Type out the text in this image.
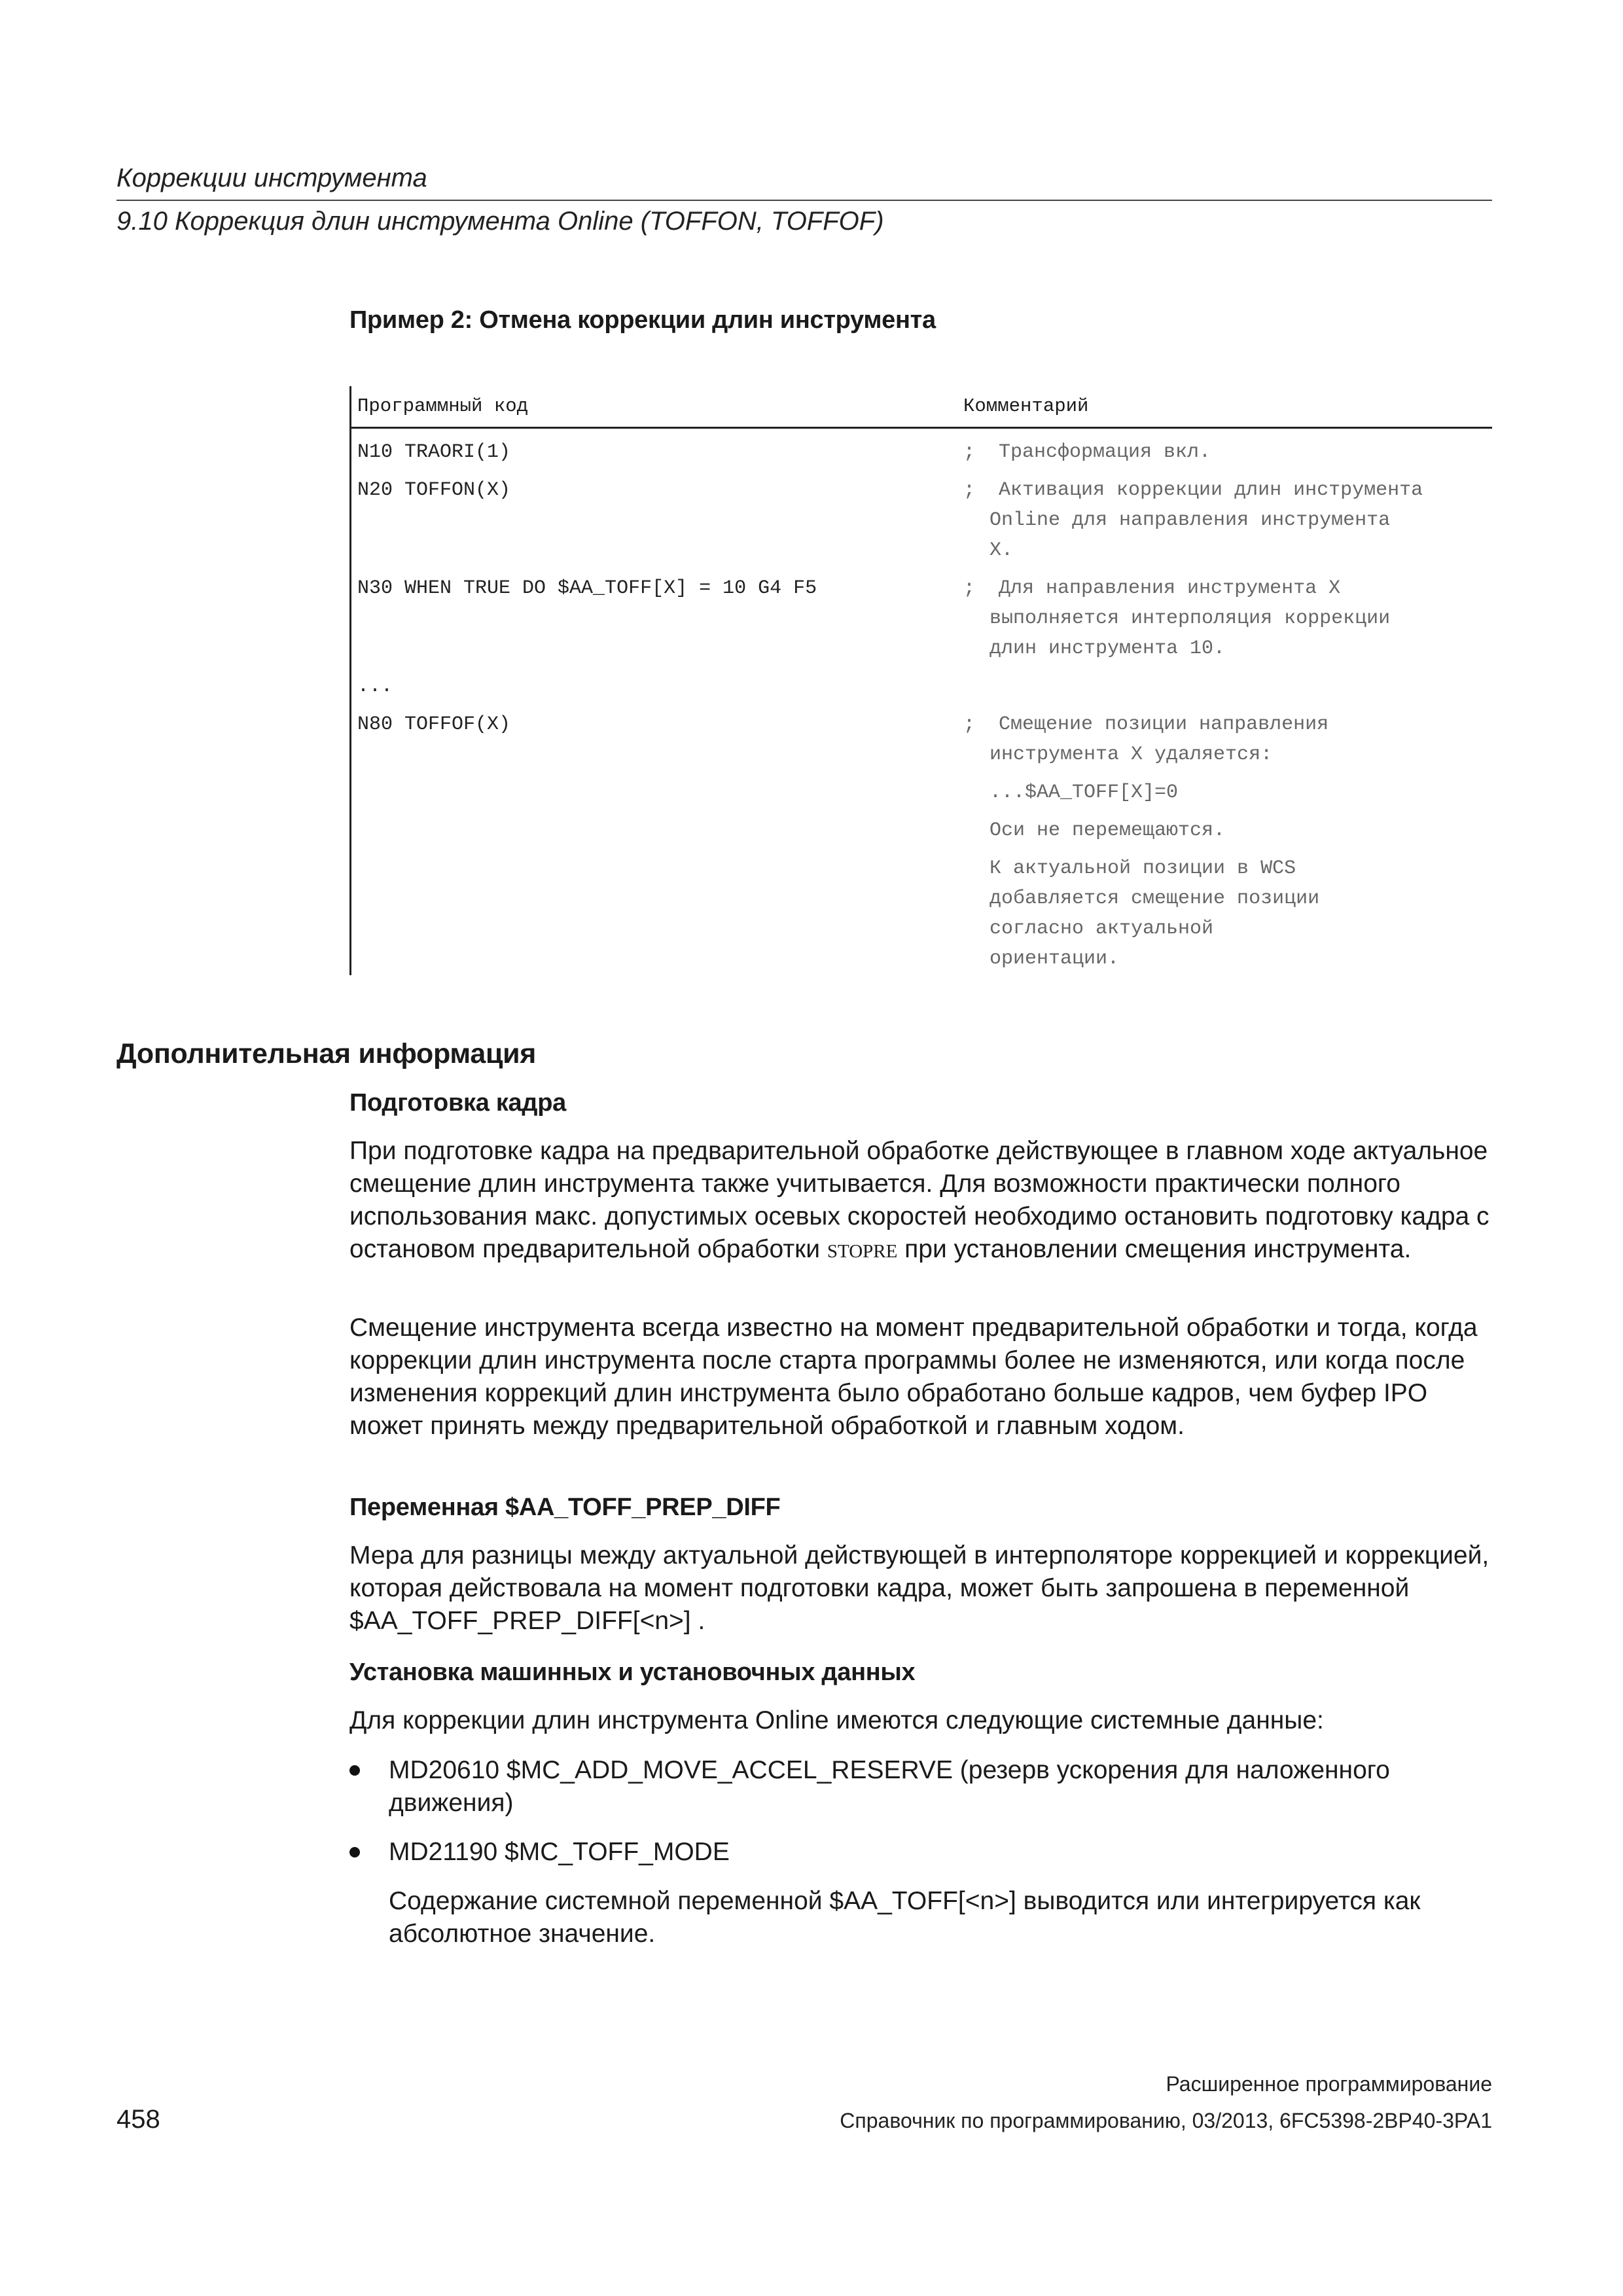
Коррекции инструмента
9.10 Коррекция длин инструмента Online (TOFFON, TOFFOF)
Пример 2: Отмена коррекции длин инструмента
Программный код	Комментарий
N10 TRAORI(1)	;  Трансформация вкл.
N20 TOFFON(X)	;  Активация коррекции длин инструмента
Online для направления инструмента
X.
N30 WHEN TRUE DO $AA_TOFF[X] = 10 G4 F5	;  Для направления инструмента X
выполняется интерполяция коррекции
длин инструмента 10.
...
N80 TOFFOF(X)	;  Смещение позиции направления
инструмента X удаляется:
...$AA_TOFF[X]=0
Оси не перемещаются.
К актуальной позиции в WCS
добавляется смещение позиции
согласно актуальной
ориентации.
Дополнительная информация
Подготовка кадра
При подготовке кадра на предварительной обработке действующее в главном ходе актуальное смещение длин инструмента также учитывается. Для возможности практически полного использования макс. допустимых осевых скоростей необходимо остановить подготовку кадра с остановом предварительной обработки STOPRE при установлении смещения инструмента.
Смещение инструмента всегда известно на момент предварительной обработки и тогда, когда коррекции длин инструмента после старта программы более не изменяются, или когда после изменения коррекций длин инструмента было обработано больше кадров, чем буфер IPO может принять между предварительной обработкой и главным ходом.
Переменная $AA_TOFF_PREP_DIFF
Мера для разницы между актуальной действующей в интерполяторе коррекцией и коррекцией, которая действовала на момент подготовки кадра, может быть запрошена в переменной $AA_TOFF_PREP_DIFF[<n>] .
Установка машинных и установочных данных
Для коррекции длин инструмента Online имеются следующие системные данные:
MD20610 $MC_ADD_MOVE_ACCEL_RESERVE (резерв ускорения для наложенного движения)
MD21190 $MC_TOFF_MODE
Содержание системной переменной $AA_TOFF[<n>] выводится или интегрируется как абсолютное значение.
Расширенное программирование
Справочник по программированию, 03/2013, 6FC5398-2BP40-3PA1
458
